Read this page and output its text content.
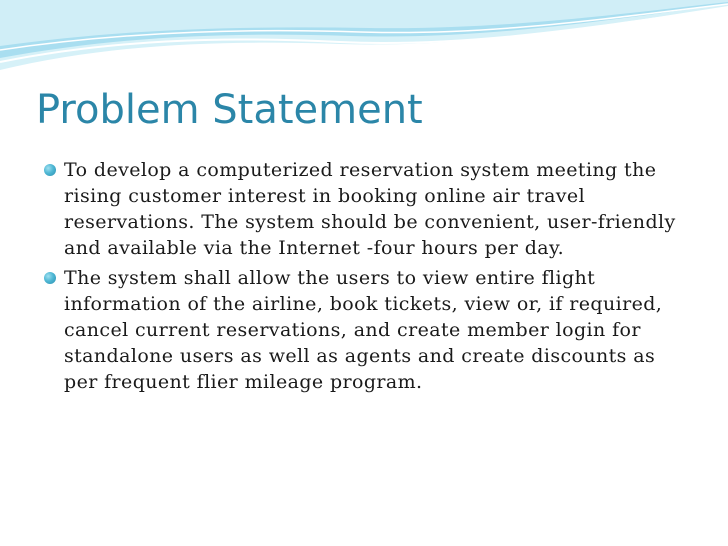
Problem Statement
To develop a computerized reservation system meeting the rising customer interest in booking online air travel reservations. The system should be convenient, user-friendly and available via the Internet -four hours per day.
The system shall allow the users to view entire flight information of the airline, book tickets, view or, if required, cancel current reservations, and create member login for standalone users as well as agents and create discounts as per frequent flier mileage program.
